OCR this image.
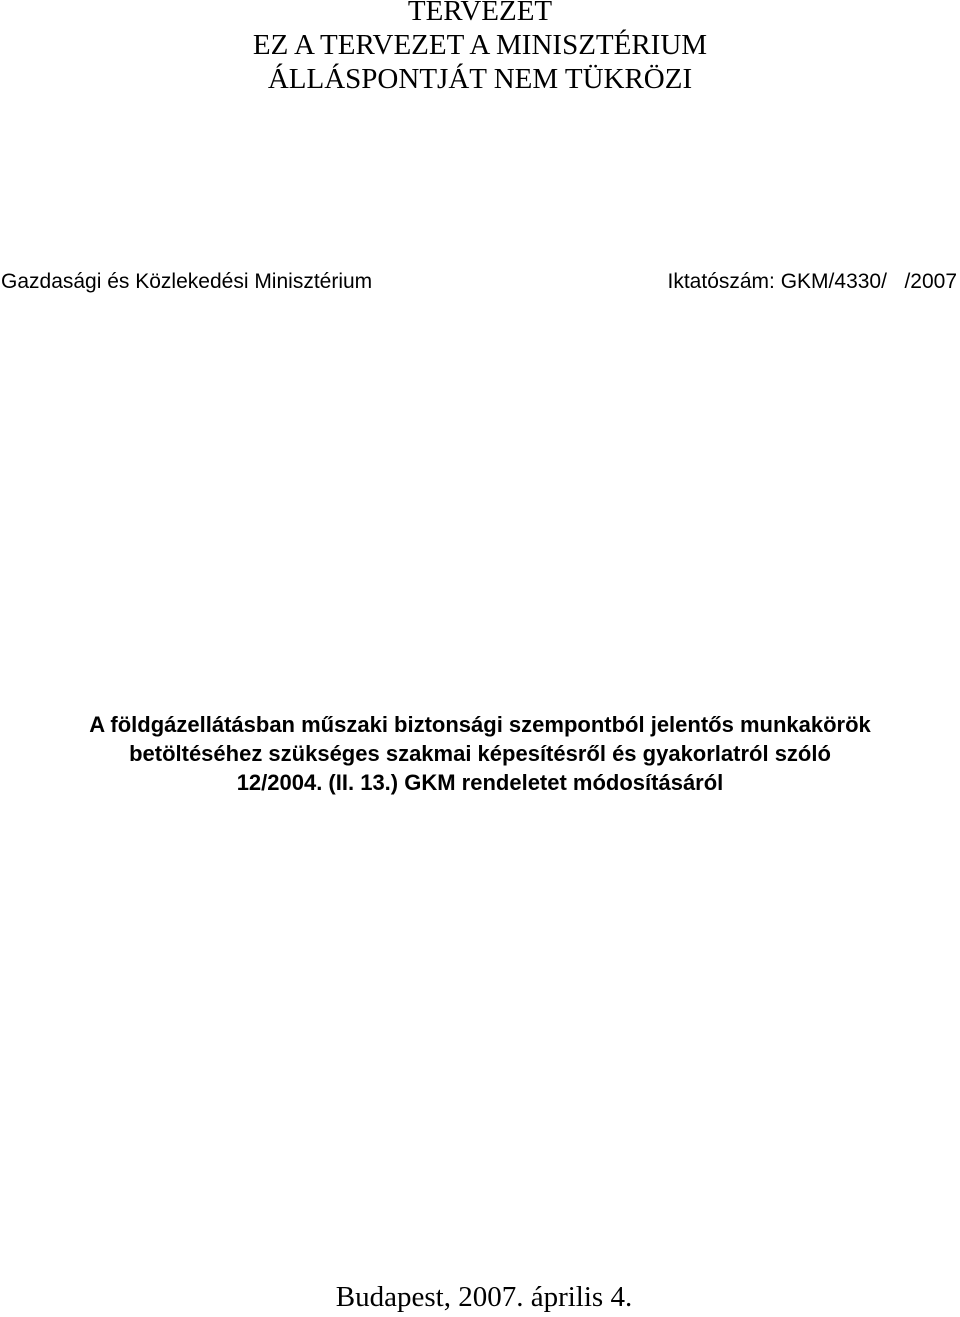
TERVEZET
EZ A TERVEZET A MINISZTÉRIUM
ÁLLÁSPONTJÁT NEM TÜKRÖZI
Gazdasági és Közlekedési Minisztérium	Iktatószám: GKM/4330/   /2007
A földgázellátásban műszaki biztonsági szempontból jelentős munkakörök
betöltéséhez szükséges szakmai képesítésről és gyakorlatról szóló
12/2004. (II. 13.) GKM rendeletet módosításáról
Budapest, 2007. április 4.
